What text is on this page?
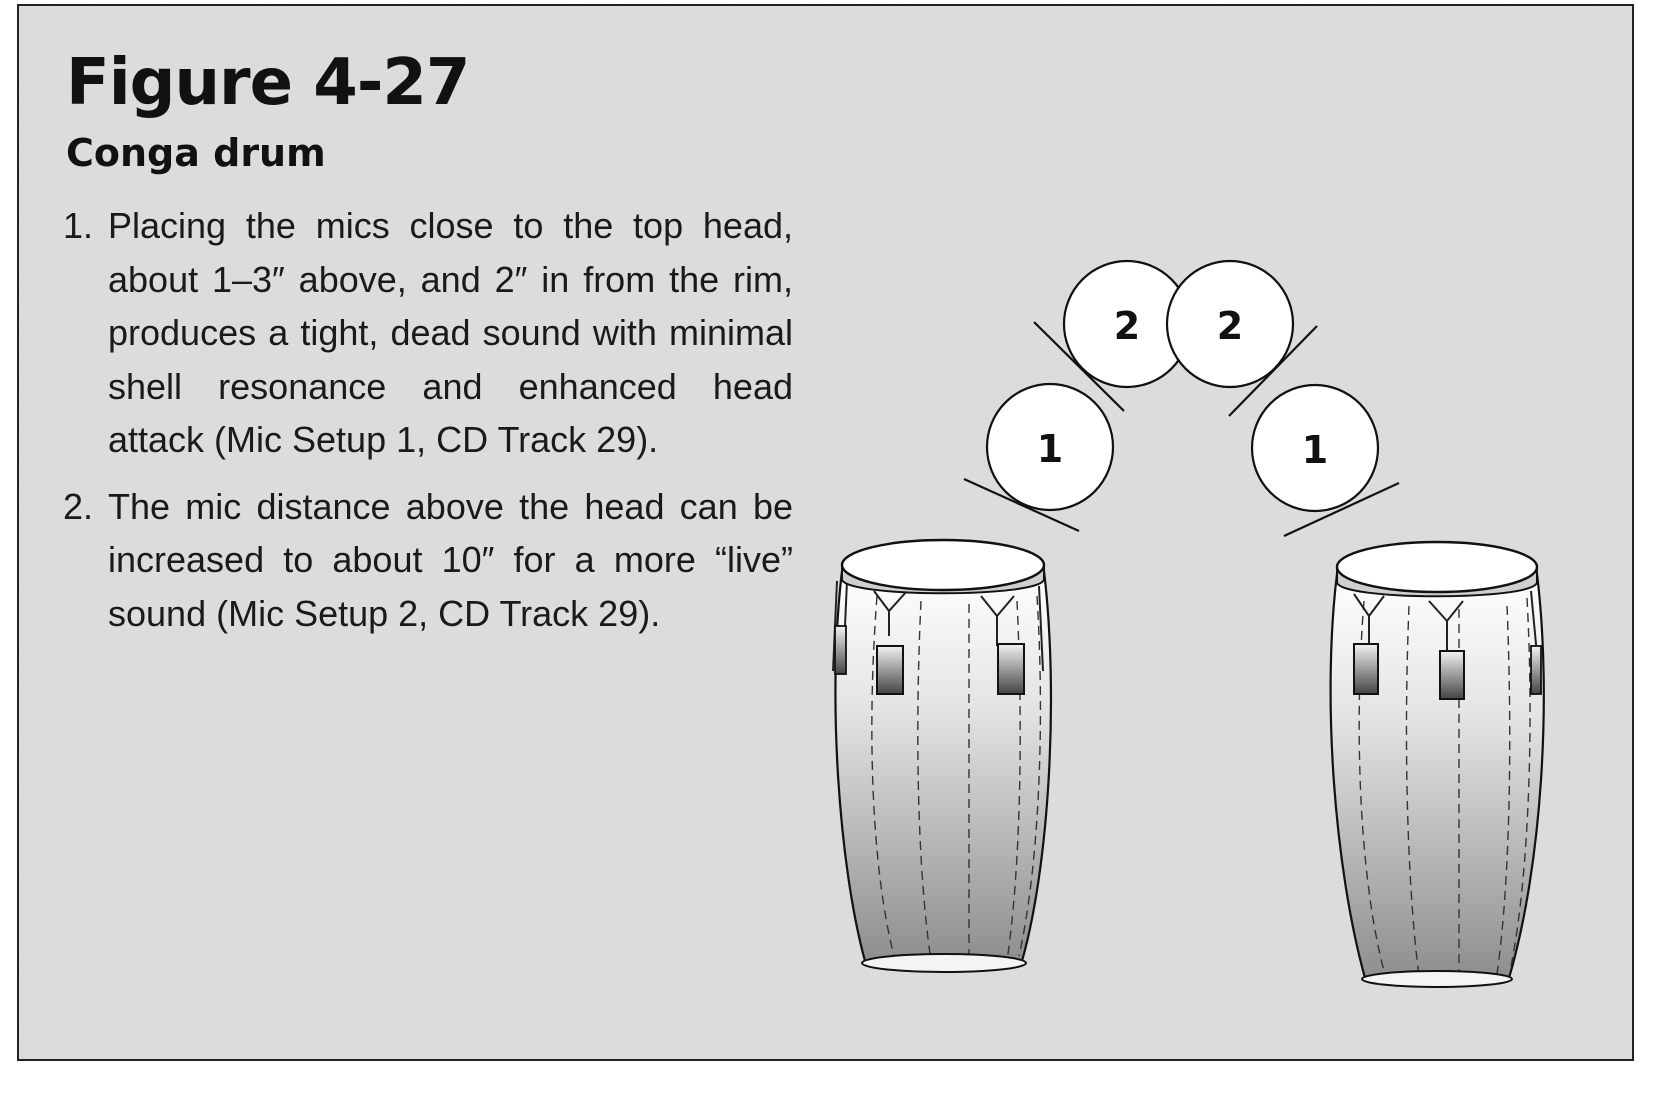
Figure 4-27
Conga drum
1. Placing the mics close to the top head, about 1–3″ above, and 2″ in from the rim, produces a tight, dead sound with minimal shell resonance and enhanced head attack (Mic Setup 1, CD Track 29).
2. The mic distance above the head can be increased to about 10″ for a more “live” sound (Mic Setup 2, CD Track 29).
1
2 2
1
